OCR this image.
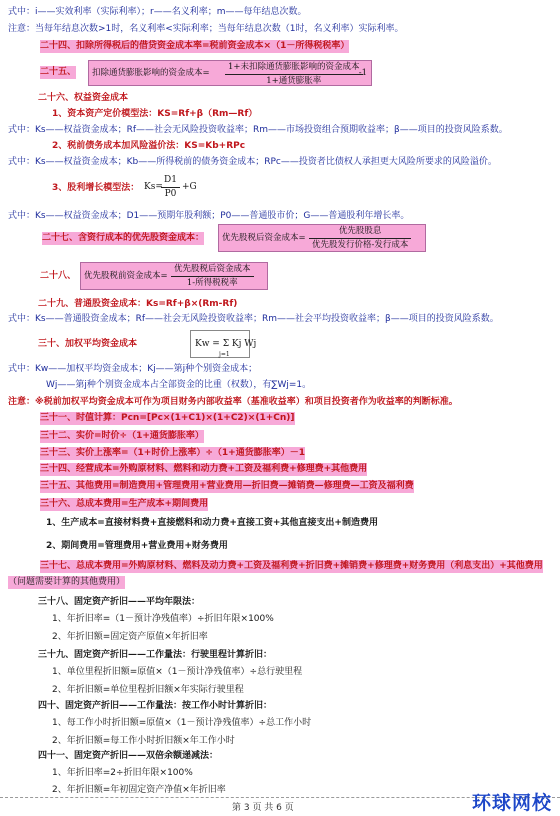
式中：i——实效利率（实际利率）；r——名义利率；m——每年结息次数。
注意：当每年结息次数>1时，名义利率<实际利率；当每年结息次数（1时，名义利率）实际利率。
二十四、扣除所得税后的借贷资金成本率=税前资金成本×（1－所得税税率）
二十六、权益资金成本
1、资本资产定价模型法：KS=Rf+β（Rm—Rf）
式中：Ks——权益资金成本；Rf——社会无风险投资收益率；Rm——市场投资组合预期收益率；β——项目的投资风险系数。
2、税前债务成本加风险溢价法：KS=Kb+RPc
式中：Ks——权益资金成本；Kb——所得税前的债务资金成本；RPc——投资者比债权人承担更大风险所要求的风险溢价。
式中：Ks——权益资金成本；D1——预期年股利额；P0——普通股市价；G——普通股利年增长率。
二十九、普通股资金成本：Ks=Rf+β×(Rm-Rf)
式中：Ks——普通股资金成本；Rf——社会无风险投资收益率；Rm——社会平均投资收益率；β——项目的投资风险系数。
式中：Kw——加权平均资金成本；Kj——第j种个别资金成本；
Wj——第j种个别资金成本占全部资金的比重（权数），有∑Wj=1。
注意：※税前加权平均资金成本可作为项目财务内部收益率（基准收益率）和项目投资者作为收益率的判断标准。
三十一、时值计算：Pcn=[Pc×(1+C1)×(1+C2)×(1+Cn)]
三十二、实价=时价÷（1+通货膨胀率）
三十三、实价上涨率=（1+时价上涨率）÷（1+通货膨胀率）－1
三十四、经营成本=外购原材料、燃料和动力费+工资及福利费+修理费+其他费用
三十五、其他费用=制造费用+管理费用+营业费用—折旧费—摊销费—修理费—工资及福利费
三十六、总成本费用=生产成本+期间费用
1、生产成本=直接材料费+直接燃料和动力费+直接工资+其他直接支出+制造费用
2、期间费用=管理费用+营业费用+财务费用
三十七、总成本费用=外购原材料、燃料及动力费+工资及福利费+折旧费+摊销费+修理费+财务费用（利息支出）+其他费用
（问题需要计算的其他费用）
三十八、固定资产折旧——平均年限法：
1、年折旧率=（1－预计净残值率）÷折旧年限×100%
2、年折旧额=固定资产原值×年折旧率
三十九、固定资产折旧——工作量法：行驶里程计算折旧：
1、单位里程折旧额=原值×（1－预计净残值率）÷总行驶里程
2、年折旧额=单位里程折旧额×年实际行驶里程
四十、固定资产折旧——工作量法：按工作小时计算折旧：
1、每工作小时折旧额=原值×（1－预计净残值率）÷总工作小时
2、年折旧额=每工作小时折旧额×年工作小时
四十一、固定资产折旧——双倍余额递减法：
1、年折旧率=2÷折旧年限×100%
2、年折旧额=年初固定资产净值×年折旧率
二十五、 扣除通货膨胀影响的资金成本=
1+未扣除通货膨胀影响的资金成本
1+通货膨胀率
-1
3、股利增长模型法： Ks=
$\frac{D1}{P0} +G$
二十七、含资行成本的优先股资金成本： 优先股税后资金成本=
优先股股息
优先股发行价格-发行成本
二十八、 优先股税前资金成本=
优先股税后资金成本
1-所得税税率
三十、加权平均资金成本	Kw = Σ Kj Wj
j=1
第 3 页 共 6 页	环球网校
